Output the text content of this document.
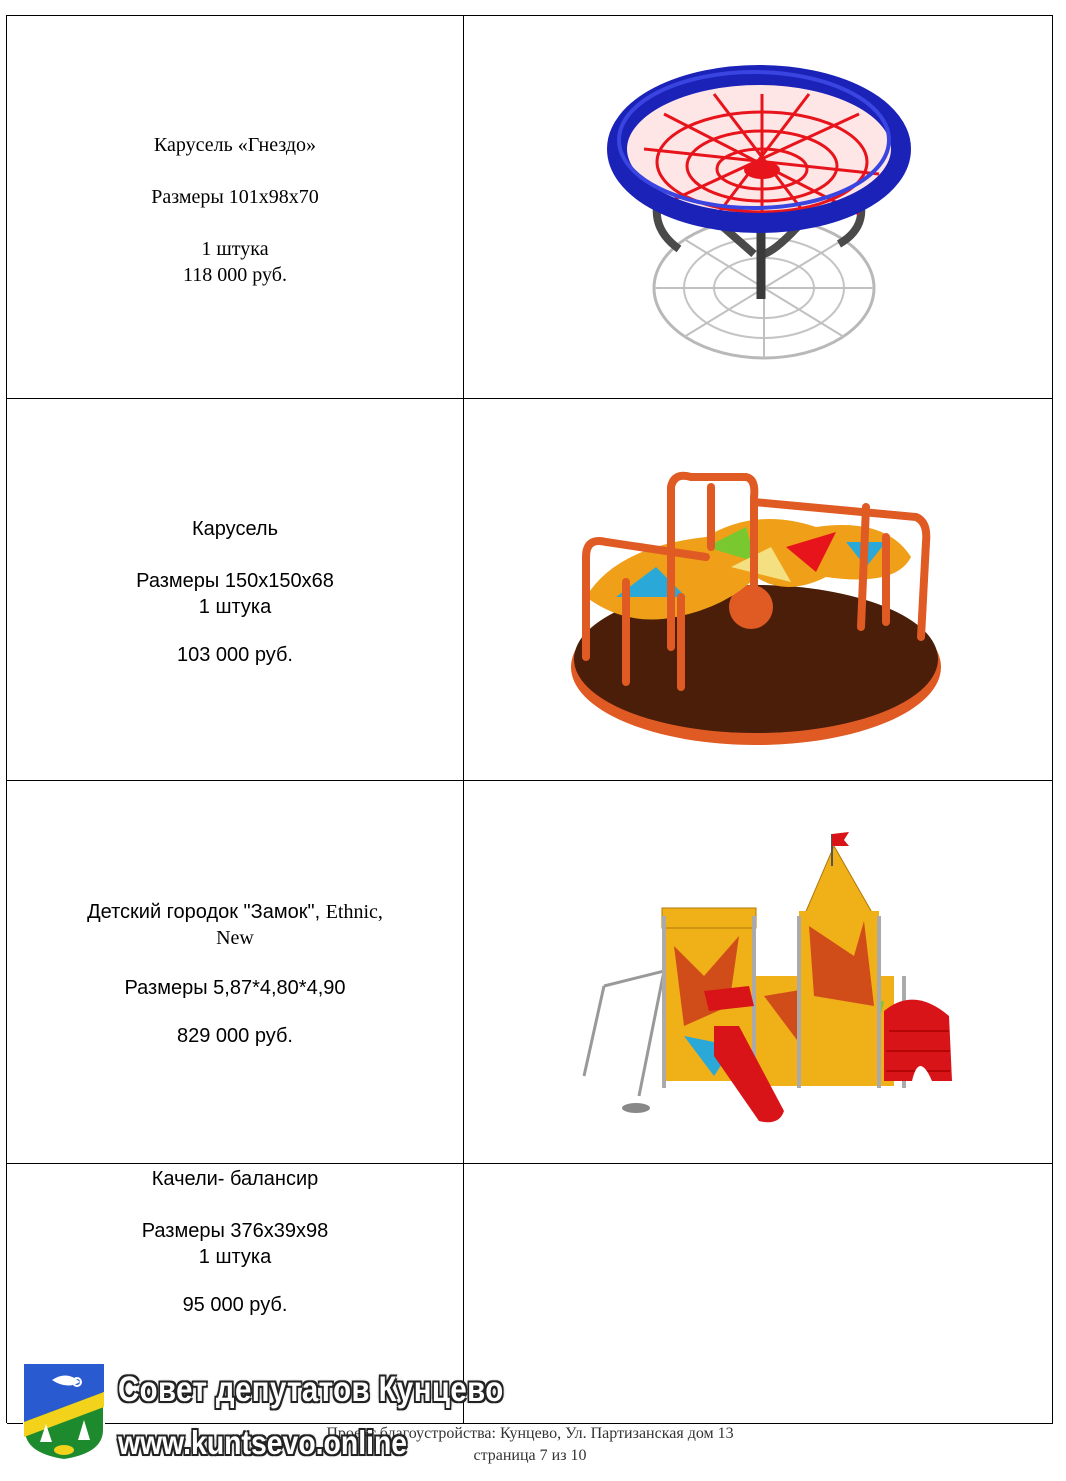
Карусель «Гнездо»
Размеры 101х98х70
1 штука
118 000 руб.
Карусель
Размеры 150х150х68
1 штука
103 000 руб.
Детский городок "Замок", Ethnic,
New
Размеры 5,87*4,80*4,90
829 000 руб.
Качели- балансир
Размеры 376х39х98
1 штука
95 000 руб.
Проект благоустройства: Кунцево, Ул. Партизанская дом 13
страница 7 из 10
Совет депутатов Кунцево
www.kuntsevo.online
